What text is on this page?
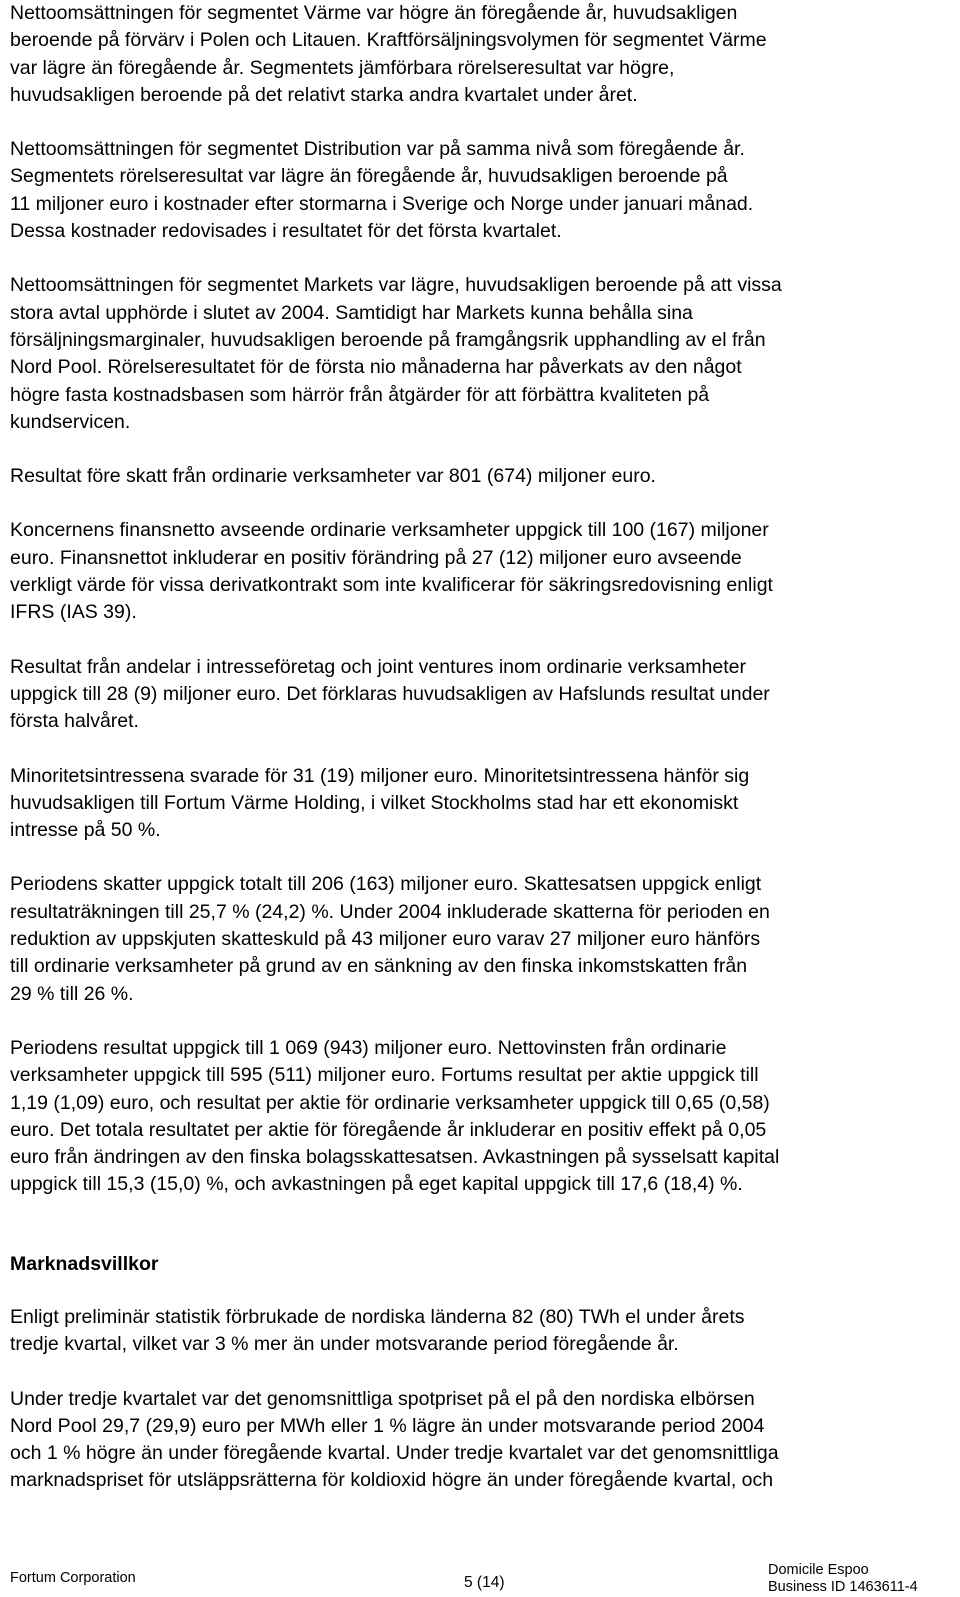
Nettoomsättningen för segmentet Värme var högre än föregående år, huvudsakligen
beroende på förvärv i Polen och Litauen. Kraftförsäljningsvolymen för segmentet Värme
var lägre än föregående år. Segmentets jämförbara rörelseresultat var högre,
huvudsakligen beroende på det relativt starka andra kvartalet under året.

Nettoomsättningen för segmentet Distribution var på samma nivå som föregående år.
Segmentets rörelseresultat var lägre än föregående år, huvudsakligen beroende på
11 miljoner euro i kostnader efter stormarna i Sverige och Norge under januari månad.
Dessa kostnader redovisades i resultatet för det första kvartalet.

Nettoomsättningen för segmentet Markets var lägre, huvudsakligen beroende på att vissa
stora avtal upphörde i slutet av 2004. Samtidigt har Markets kunna behålla sina
försäljningsmarginaler, huvudsakligen beroende på framgångsrik upphandling av el från
Nord Pool. Rörelseresultatet för de första nio månaderna har påverkats av den något
högre fasta kostnadsbasen som härrör från åtgärder för att förbättra kvaliteten på
kundservicen.

Resultat före skatt från ordinarie verksamheter var 801 (674) miljoner euro.

Koncernens finansnetto avseende ordinarie verksamheter uppgick till 100 (167) miljoner
euro. Finansnettot inkluderar en positiv förändring på 27 (12) miljoner euro avseende
verkligt värde för vissa derivatkontrakt som inte kvalificerar för säkringsredovisning enligt
IFRS (IAS 39).

Resultat från andelar i intresseföretag och joint ventures inom ordinarie verksamheter
uppgick till 28 (9) miljoner euro. Det förklaras huvudsakligen av Hafslunds resultat under
första halvåret.

Minoritetsintressena svarade för 31 (19) miljoner euro. Minoritetsintressena hänför sig
huvudsakligen till Fortum Värme Holding, i vilket Stockholms stad har ett ekonomiskt
intresse på 50 %.

Periodens skatter uppgick totalt till 206 (163) miljoner euro. Skattesatsen uppgick enligt
resultaträkningen till 25,7 % (24,2) %. Under 2004 inkluderade skatterna för perioden en
reduktion av uppskjuten skatteskuld på 43 miljoner euro varav 27 miljoner euro hänförs
till ordinarie verksamheter på grund av en sänkning av den finska inkomstskatten från
29 % till 26 %.

Periodens resultat uppgick till 1 069 (943) miljoner euro. Nettovinsten från ordinarie
verksamheter uppgick till 595 (511) miljoner euro. Fortums resultat per aktie uppgick till
1,19 (1,09) euro, och resultat per aktie för ordinarie verksamheter uppgick till 0,65 (0,58)
euro. Det totala resultatet per aktie för föregående år inkluderar en positiv effekt på 0,05
euro från ändringen av den finska bolagsskattesatsen. Avkastningen på sysselsatt kapital
uppgick till 15,3 (15,0) %, och avkastningen på eget kapital uppgick till 17,6 (18,4) %.

Marknadsvillkor

Enligt preliminär statistik förbrukade de nordiska länderna 82 (80) TWh el under årets
tredje kvartal, vilket var 3 % mer än under motsvarande period föregående år.

Under tredje kvartalet var det genomsnittliga spotpriset på el på den nordiska elbörsen
Nord Pool 29,7 (29,9) euro per MWh eller 1 % lägre än under motsvarande period 2004
och 1 % högre än under föregående kvartal. Under tredje kvartalet var det genomsnittliga
marknadspriset för utsläppsrätterna för koldioxid högre än under föregående kvartal, och

Fortum Corporation	5 (14)
Domicile Espoo
Business ID 1463611-4
